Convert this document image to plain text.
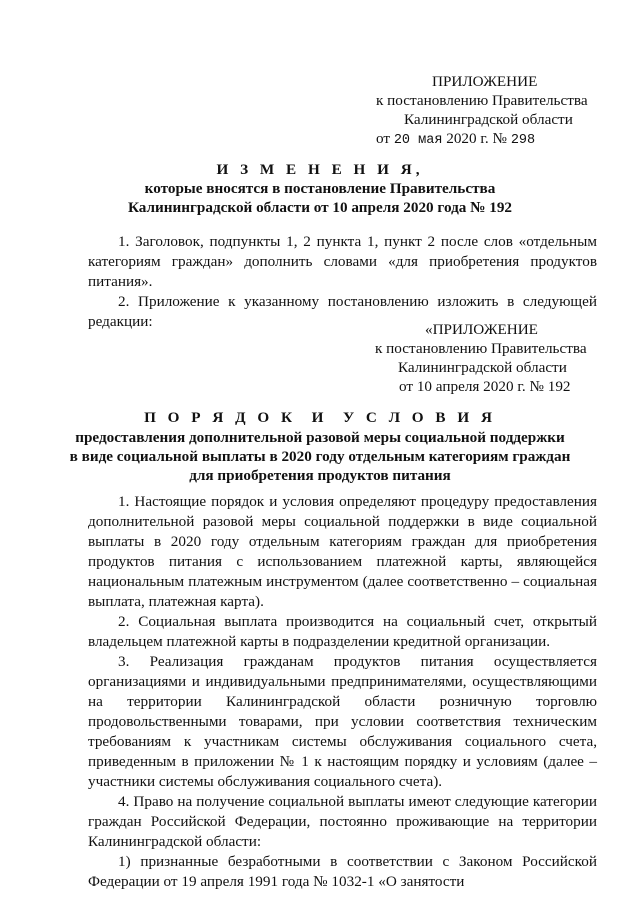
ПРИЛОЖЕНИЕ
к постановлению Правительства
Калининградской области
от 20 мая 2020 г. № 298
И З М Е Н Е Н И Я,
которые вносятся в постановление Правительства
Калининградской области от 10 апреля 2020 года № 192

1. Заголовок, подпункты 1, 2 пункта 1, пункт 2 после слов «отдельным категориям граждан» дополнить словами «для приобретения продуктов питания».

2. Приложение к указанному постановлению изложить в следующей редакции:	«ПРИЛОЖЕНИЕ
к постановлению Правительства
Калининградской области
от 10 апреля 2020 г. № 192
П О Р Я Д О К  И  У С Л О В И Я
предоставления дополнительной разовой меры социальной поддержки
в виде социальной выплаты в 2020 году отдельным категориям граждан
для приобретения продуктов питания

1. Настоящие порядок и условия определяют процедуру предоставления дополнительной разовой меры социальной поддержки в виде социальной выплаты в 2020 году отдельным категориям граждан для приобретения продуктов питания с использованием платежной карты, являющейся национальным платежным инструментом (далее соответственно – социальная выплата, платежная карта).

2. Социальная выплата производится на социальный счет, открытый владельцем платежной карты в подразделении кредитной организации.

3. Реализация гражданам продуктов питания осуществляется организациями и индивидуальными предпринимателями, осуществляющими на территории Калининградской области розничную торговлю продовольственными товарами, при условии соответствия техническим требованиям к участникам системы обслуживания социального счета, приведенным в приложении № 1 к настоящим порядку и условиям (далее – участники системы обслуживания социального счета).

4. Право на получение социальной выплаты имеют следующие категории граждан Российской Федерации, постоянно проживающие на территории Калининградской области:

1) признанные безработными в соответствии с Законом Российской Федерации от 19 апреля 1991 года № 1032-1 «О занятости
